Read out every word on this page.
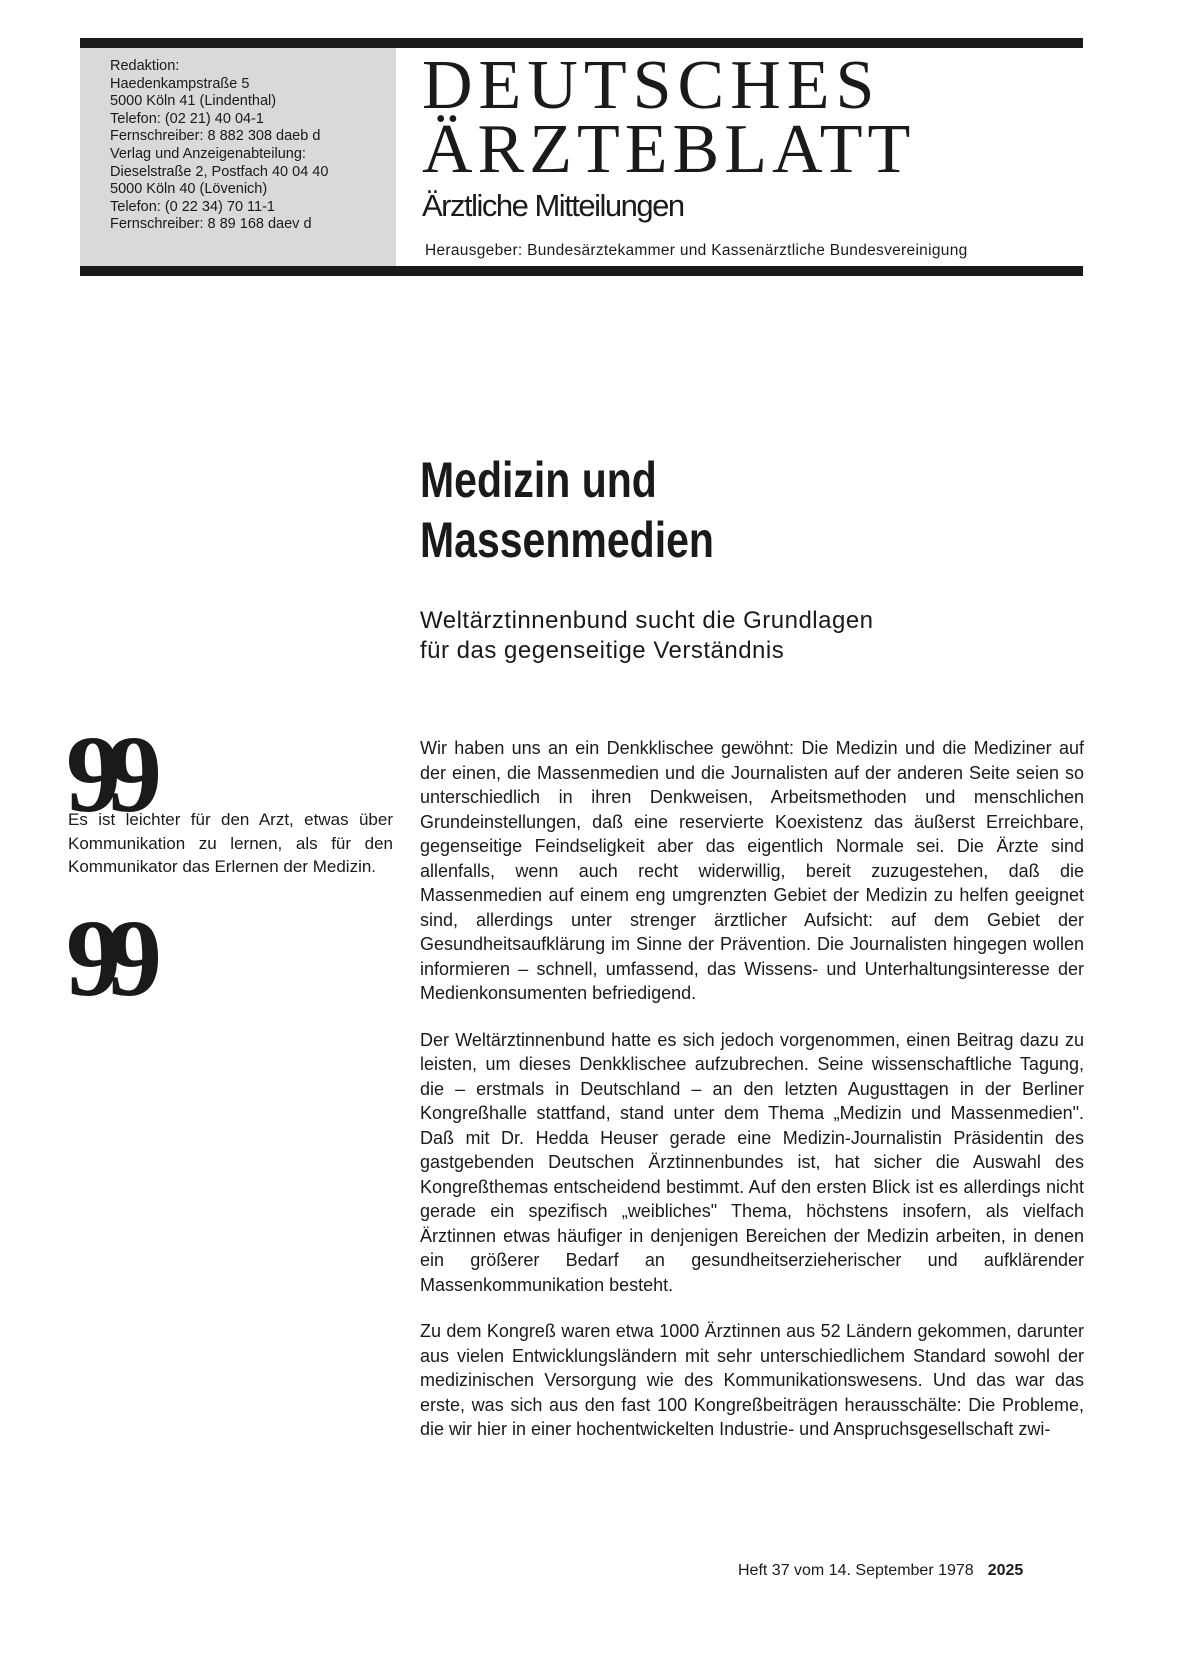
Redaktion:
Haedenkampstraße 5
5000 Köln 41 (Lindenthal)
Telefon: (02 21) 40 04-1
Fernschreiber: 8 882 308 daeb d
Verlag und Anzeigenabteilung:
Dieselstraße 2, Postfach 40 04 40
5000 Köln 40 (Lövenich)
Telefon: (0 22 34) 70 11-1
Fernschreiber: 8 89 168 daev d
DEUTSCHES
ÄRZTEBLATT
Ärztliche Mitteilungen
Herausgeber: Bundesärztekammer und Kassenärztliche Bundesvereinigung
Medizin und
Massenmedien
Weltärztinnenbund sucht die Grundlagen
für das gegenseitige Verständnis
99
Es ist leichter für den Arzt, etwas über Kommunikation zu lernen, als für den Kommunikator das Erlernen der Medizin.
99

Wir haben uns an ein Denkklischee gewöhnt: Die Medizin und die Mediziner auf der einen, die Massenmedien und die Journalisten auf der anderen Seite seien so unterschiedlich in ihren Denkweisen, Arbeitsmethoden und menschlichen Grundeinstellungen, daß eine reservierte Koexistenz das äußerst Erreichbare, gegenseitige Feindseligkeit aber das eigentlich Normale sei. Die Ärzte sind allenfalls, wenn auch recht widerwillig, bereit zuzugestehen, daß die Massenmedien auf einem eng umgrenzten Gebiet der Medizin zu helfen geeignet sind, allerdings unter strenger ärztlicher Aufsicht: auf dem Gebiet der Gesundheitsaufklärung im Sinne der Prävention. Die Journalisten hingegen wollen informieren – schnell, umfassend, das Wissens- und Unterhaltungsinteresse der Medienkonsumenten befriedigend.

Der Weltärztinnenbund hatte es sich jedoch vorgenommen, einen Beitrag dazu zu leisten, um dieses Denkklischee aufzubrechen. Seine wissenschaftliche Tagung, die – erstmals in Deutschland – an den letzten Augusttagen in der Berliner Kongreßhalle stattfand, stand unter dem Thema „Medizin und Massenmedien". Daß mit Dr. Hedda Heuser gerade eine Medizin-Journalistin Präsidentin des gastgebenden Deutschen Ärztinnenbundes ist, hat sicher die Auswahl des Kongreßthemas entscheidend bestimmt. Auf den ersten Blick ist es allerdings nicht gerade ein spezifisch „weibliches" Thema, höchstens insofern, als vielfach Ärztinnen etwas häufiger in denjenigen Bereichen der Medizin arbeiten, in denen ein größerer Bedarf an gesundheitserzieherischer und aufklärender Massenkommunikation besteht.

Zu dem Kongreß waren etwa 1000 Ärztinnen aus 52 Ländern gekommen, darunter aus vielen Entwicklungsländern mit sehr unterschiedlichem Standard sowohl der medizinischen Versorgung wie des Kommunikationswesens. Und das war das erste, was sich aus den fast 100 Kongreßbeiträgen herausschälte: Die Probleme, die wir hier in einer hochentwickelten Industrie- und Anspruchsgesellschaft zwi-

Heft 37 vom 14. September 1978 2025
